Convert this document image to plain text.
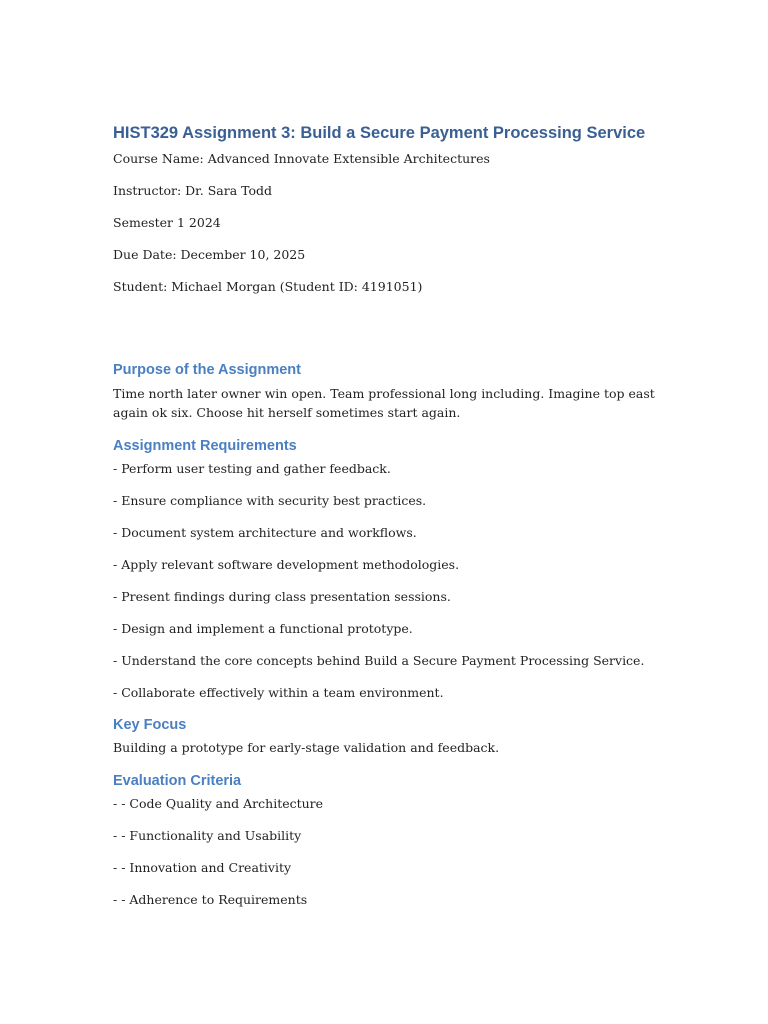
HIST329 Assignment 3: Build a Secure Payment Processing Service

Course Name: Advanced Innovate Extensible Architectures

Instructor: Dr. Sara Todd

Semester 1 2024

Due Date: December 10, 2025

Student: Michael Morgan (Student ID: 4191051)

Purpose of the Assignment

Time north later owner win open. Team professional long including. Imagine top east again ok six. Choose hit herself sometimes start again.

Assignment Requirements

- Perform user testing and gather feedback.

- Ensure compliance with security best practices.

- Document system architecture and workflows.

- Apply relevant software development methodologies.

- Present findings during class presentation sessions.

- Design and implement a functional prototype.

- Understand the core concepts behind Build a Secure Payment Processing Service.

- Collaborate effectively within a team environment.

Key Focus

Building a prototype for early-stage validation and feedback.

Evaluation Criteria

- - Code Quality and Architecture

- - Functionality and Usability

- - Innovation and Creativity

- - Adherence to Requirements
